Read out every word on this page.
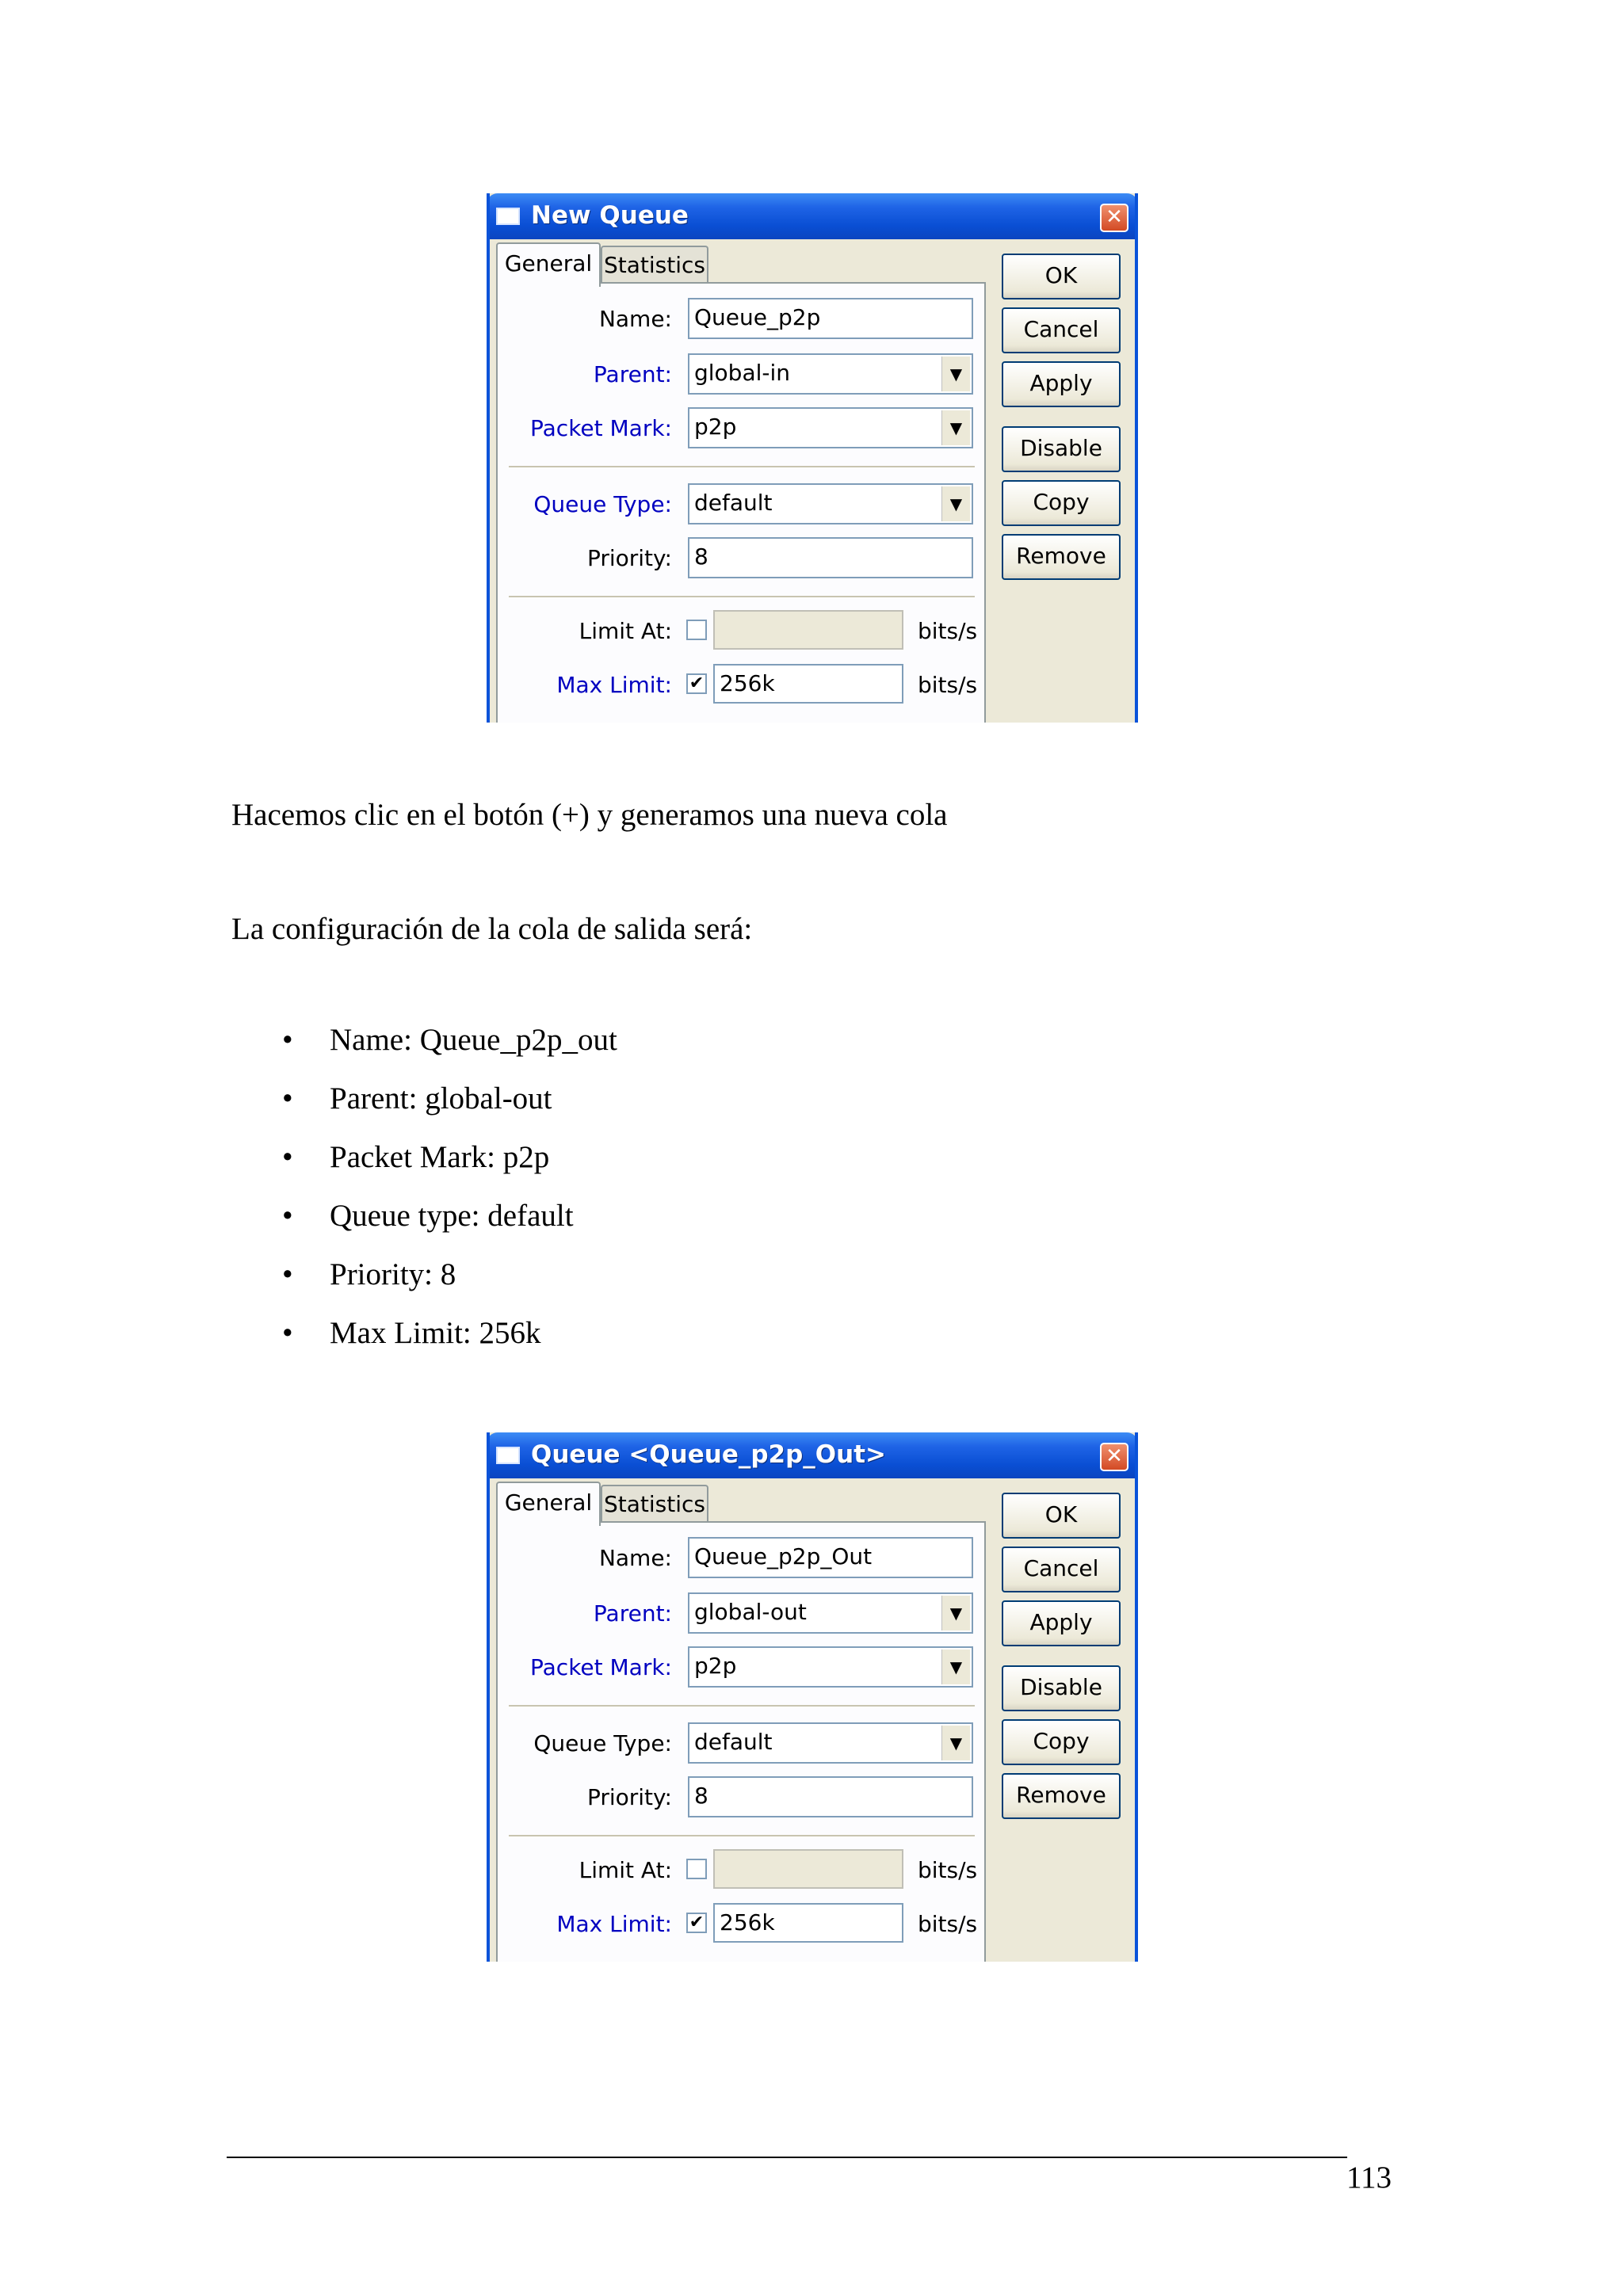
New Queue	✕
General Statistics
Name: Queue_p2p
Parent: global-in	▼
Packet Mark: p2p	▼
Queue Type: default	▼
Priority: 8
Limit At:	bits/s
Max Limit: ✔ 256k	bits/s
OK
Cancel
Apply
Disable
Copy
Remove
Hacemos clic en el botón (+) y generamos una nueva cola
La configuración de la cola de salida será:
• Name: Queue_p2p_out
• Parent: global-out
• Packet Mark: p2p
• Queue type: default
• Priority: 8
• Max Limit: 256k
Queue <Queue_p2p_Out>	✕
General Statistics
Name: Queue_p2p_Out
Parent: global-out	▼
Packet Mark: p2p	▼
Queue Type: default	▼
Priority: 8
Limit At:	bits/s
Max Limit: ✔ 256k	bits/s
OK
Cancel
Apply
Disable
Copy
Remove
113
